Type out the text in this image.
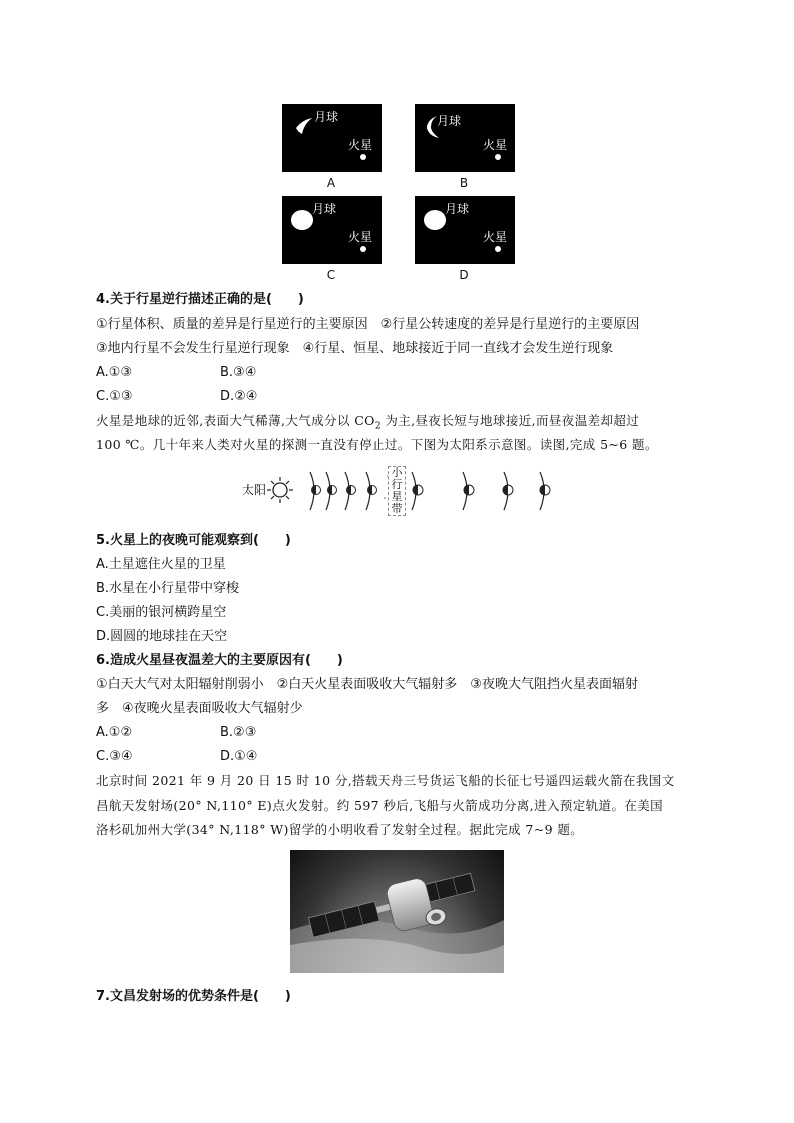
月球
火星
A
月球
火星
B
月球
火星
C
月球
火星
D
4.关于行星逆行描述正确的是(　　)
①行星体积、质量的差异是行星逆行的主要原因　②行星公转速度的差异是行星逆行的主要原因
③地内行星不会发生行星逆行现象　④行星、恒星、地球接近于同一直线才会发生逆行现象
A.①③	B.③④
C.①③	D.②④
火星是地球的近邻,表面大气稀薄,大气成分以 $CO_2$ 为主,昼夜长短与地球接近,而昼夜温差却超过
100 ℃。几十年来人类对火星的探测一直没有停止过。下图为太阳系示意图。读图,完成 5~6 题。
太阳
小行星带
5.火星上的夜晚可能观察到(　　)
A.土星遮住火星的卫星
B.水星在小行星带中穿梭
C.美丽的银河横跨星空
D.圆圆的地球挂在天空
6.造成火星昼夜温差大的主要原因有(　　)
①白天大气对太阳辐射削弱小　②白天火星表面吸收大气辐射多　③夜晚大气阻挡火星表面辐射
多　④夜晚火星表面吸收大气辐射少
A.①②	B.②③
C.③④	D.①④
北京时间 2021 年 9 月 20 日 15 时 10 分,搭载天舟三号货运飞船的长征七号遥四运载火箭在我国文
昌航天发射场(20° N,110° E)点火发射。约 597 秒后,飞船与火箭成功分离,进入预定轨道。在美国
洛杉矶加州大学(34° N,118° W)留学的小明收看了发射全过程。据此完成 7~9 题。
7.文昌发射场的优势条件是(　　)
